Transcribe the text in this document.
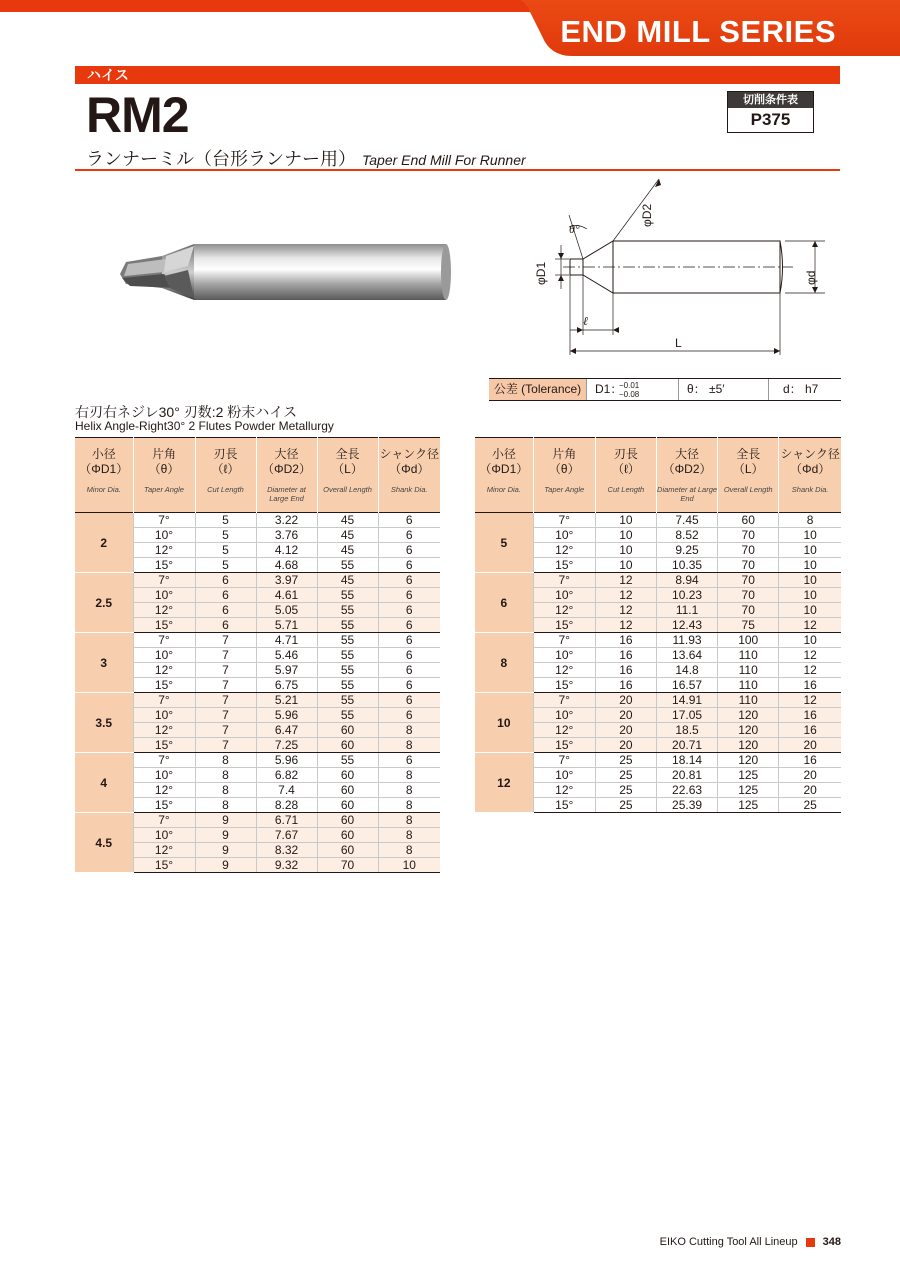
END MILL SERIES
ハイス
RM2	切削条件表
P375
ランナーミル（台形ランナー用） Taper End Mill For Runner
θ°
φD2
φD1	φd
ℓ
L
公差 (Tolerance)	D1：
−0.01
−0.08	θ： ±5′	d： h7
右刃右ネジレ30° 刃数:2 粉末ハイス
Helix Angle-Right30° 2 Flutes Powder Metallurgy
小径
（ΦD1）
Minor Dia.	片角
（θ）
Taper Angle	刃長
（ℓ）
Cut Length	大径
（ΦD2）
Diameter at Large End	全長
（L）
Overall Length	シャンク径
（Φd）
Shank Dia.

2	7°	5	3.22	45	6
	10°	5	3.76	45	6
	12°	5	4.12	45	6
	15°	5	4.68	55	6
2.5	7°	6	3.97	45	6
	10°	6	4.61	55	6
	12°	6	5.05	55	6
	15°	6	5.71	55	6
3	7°	7	4.71	55	6
	10°	7	5.46	55	6
	12°	7	5.97	55	6
	15°	7	6.75	55	6
3.5	7°	7	5.21	55	6
	10°	7	5.96	55	6
	12°	7	6.47	60	8
	15°	7	7.25	60	8
4	7°	8	5.96	55	6
	10°	8	6.82	60	8
	12°	8	7.4	60	8
	15°	8	8.28	60	8
4.5	7°	9	6.71	60	8
	10°	9	7.67	60	8
	12°	9	8.32	60	8
	15°	9	9.32	70	10
小径
（ΦD1）
Minor Dia.	片角
（θ）
Taper Angle	刃長
（ℓ）
Cut Length	大径
（ΦD2）
Diameter at Large End	全長
（L）
Overall Length	シャンク径
（Φd）
Shank Dia.

5	7°	10	7.45	60	8
	10°	10	8.52	70	10
	12°	10	9.25	70	10
	15°	10	10.35	70	10
6	7°	12	8.94	70	10
	10°	12	10.23	70	10
	12°	12	11.1	70	10
	15°	12	12.43	75	12
8	7°	16	11.93	100	10
	10°	16	13.64	110	12
	12°	16	14.8	110	12
	15°	16	16.57	110	16
10	7°	20	14.91	110	12
	10°	20	17.05	120	16
	12°	20	18.5	120	16
	15°	20	20.71	120	20
12	7°	25	18.14	120	16
	10°	25	20.81	125	20
	12°	25	22.63	125	20
	15°	25	25.39	125	25
EIKO Cutting Tool All Lineup 348
